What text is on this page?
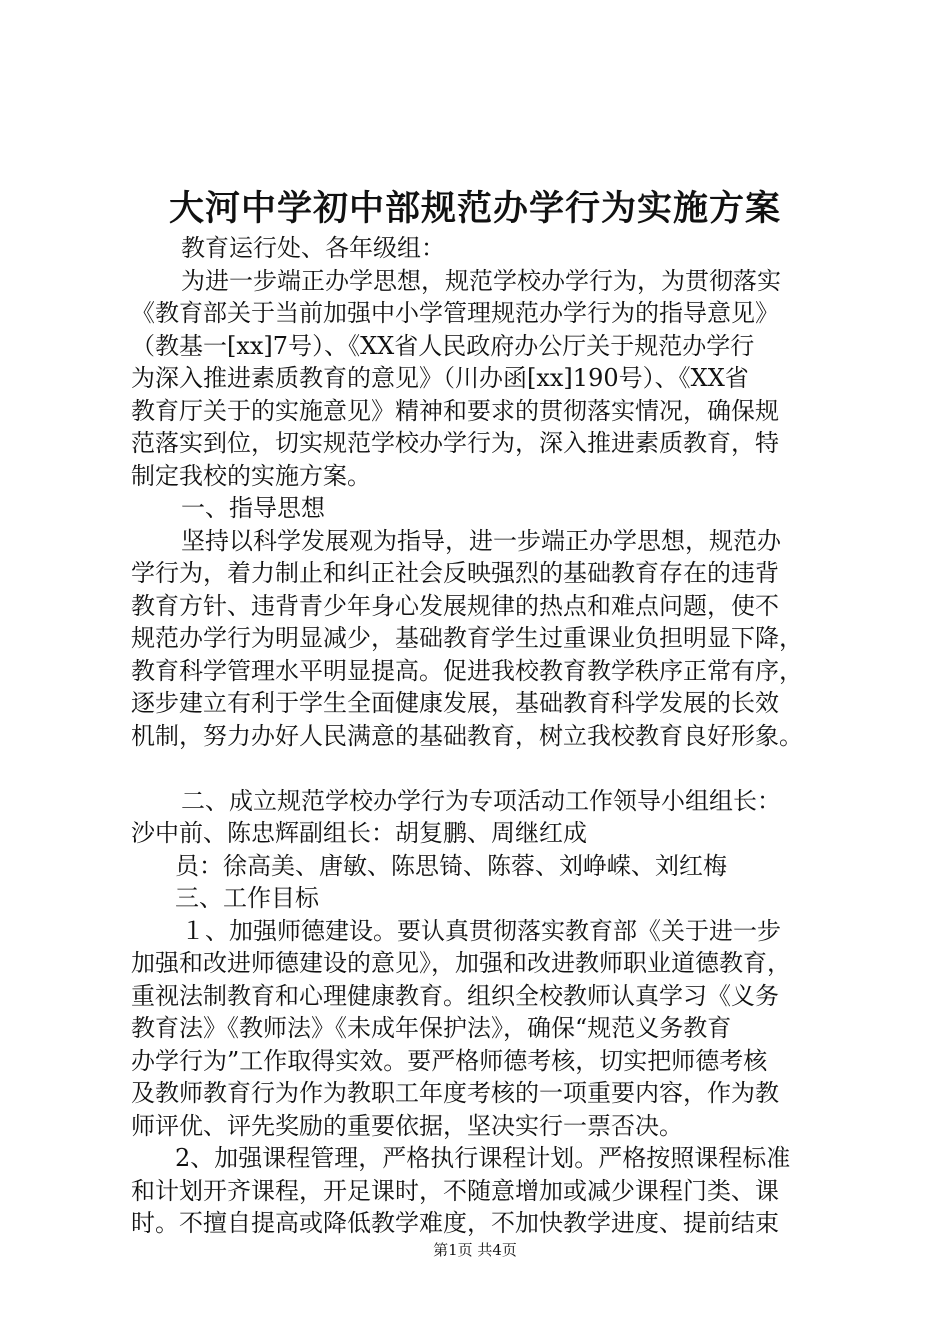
大河中学初中部规范办学行为实施方案
教育运行处、各年级组：
为进一步端正办学思想，规范学校办学行为，为贯彻落实
《教育部关于当前加强中小学管理规范办学行为的指导意见》
（教基一[xx]7号）、《XX省人民政府办公厅关于规范办学行
为深入推进素质教育的意见》（川办函[xx]190号）、《XX省
教育厅关于的实施意见》精神和要求的贯彻落实情况，确保规
范落实到位，切实规范学校办学行为，深入推进素质教育，特
制定我校的实施方案。
一、指导思想
坚持以科学发展观为指导，进一步端正办学思想，规范办
学行为，着力制止和纠正社会反映强烈的基础教育存在的违背
教育方针、违背青少年身心发展规律的热点和难点问题，使不
规范办学行为明显减少，基础教育学生过重课业负担明显下降，
教育科学管理水平明显提高。促进我校教育教学秩序正常有序，
逐步建立有利于学生全面健康发展，基础教育科学发展的长效
机制，努力办好人民满意的基础教育，树立我校教育良好形象。
二、成立规范学校办学行为专项活动工作领导小组组长：
沙中前、陈忠辉副组长：胡复鹏、周继红成
员：徐高美、唐敏、陈思锜、陈蓉、刘峥嵘、刘红梅
三、工作目标
１、加强师德建设。要认真贯彻落实教育部《关于进一步
加强和改进师德建设的意见》，加强和改进教师职业道德教育，
重视法制教育和心理健康教育。组织全校教师认真学习《义务
教育法》《教师法》《未成年保护法》，确保“规范义务教育
办学行为”工作取得实效。要严格师德考核，切实把师德考核
及教师教育行为作为教职工年度考核的一项重要内容，作为教
师评优、评先奖励的重要依据，坚决实行一票否决。
2、加强课程管理，严格执行课程计划。严格按照课程标准
和计划开齐课程，开足课时，不随意增加或减少课程门类、课
时。不擅自提高或降低教学难度，不加快教学进度、提前结束
第1页 共4页
